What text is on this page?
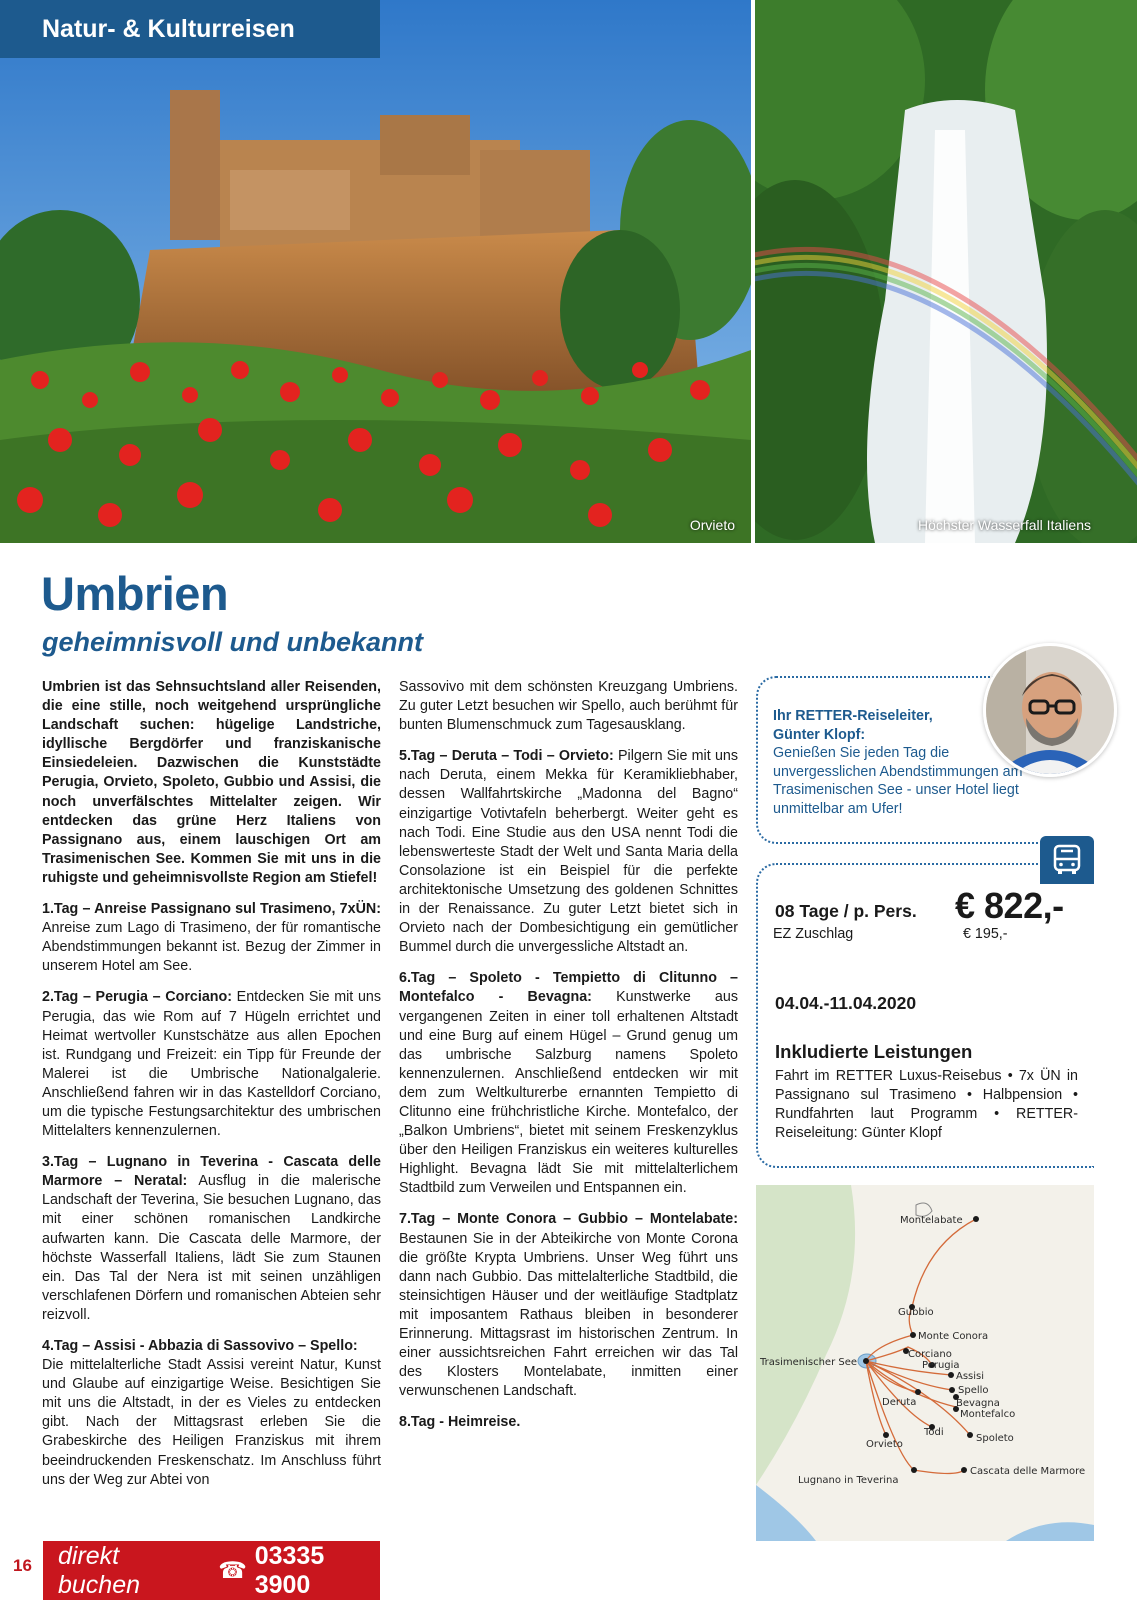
Orvieto	Höchster Wasserfall Italiens
Natur- & Kulturreisen
Umbrien
geheimnisvoll und unbekannt

Umbrien ist das Sehnsuchtsland aller Reisenden, die eine stille, noch weitgehend ursprüngliche Landschaft suchen: hügelige Landstriche, idyllische Bergdörfer und franziskanische Einsiedeleien. Dazwischen die Kunststädte Perugia, Orvieto, Spoleto, Gubbio und Assisi, die noch unverfälschtes Mittelalter zeigen. Wir entdecken das grüne Herz Italiens von Passignano aus, einem lauschigen Ort am Trasimenischen See. Kommen Sie mit uns in die ruhigste und geheimnisvollste Region am Stiefel!

1.Tag – Anreise Passignano sul Trasimeno, 7xÜN: Anreise zum Lago di Trasimeno, der für romantische Abendstimmungen bekannt ist. Bezug der Zimmer in unserem Hotel am See.

2.Tag – Perugia – Corciano: Entdecken Sie mit uns Perugia, das wie Rom auf 7 Hügeln errichtet und Heimat wertvoller Kunstschätze aus allen Epochen ist. Rundgang und Freizeit: ein Tipp für Freunde der Malerei ist die Umbrische Nationalgalerie. Anschließend fahren wir in das Kastelldorf Corciano, um die typische Festungsarchitektur des umbrischen Mittelalters kennenzulernen.

3.Tag – Lugnano in Teverina - Cascata delle Marmore – Neratal: Ausflug in die malerische Landschaft der Teverina, Sie besuchen Lugnano, das mit einer schönen romanischen Landkirche aufwarten kann. Die Cascata delle Marmore, der höchste Wasserfall Italiens, lädt Sie zum Staunen ein. Das Tal der Nera ist mit seinen unzähligen verschlafenen Dörfern und romanischen Abteien sehr reizvoll.

4.Tag – Assisi - Abbazia di Sassovivo – Spello:
Die mittelalterliche Stadt Assisi vereint Natur, Kunst und Glaube auf einzigartige Weise. Besichtigen Sie mit uns die Altstadt, in der es Vieles zu entdecken gibt. Nach der Mittagsrast erleben Sie die Grabeskirche des Heiligen Franziskus mit ihrem beeindruckenden Freskenschatz. Im Anschluss führt uns der Weg zur Abtei von

Sassovivo mit dem schönsten Kreuzgang Umbriens. Zu guter Letzt besuchen wir Spello, auch berühmt für bunten Blumenschmuck zum Tagesausklang.

5.Tag – Deruta – Todi – Orvieto: Pilgern Sie mit uns nach Deruta, einem Mekka für Keramikliebhaber, dessen Wallfahrtskirche „Madonna del Bagno“ einzigartige Votivtafeln beherbergt. Weiter geht es nach Todi. Eine Studie aus den USA nennt Todi die lebenswerteste Stadt der Welt und Santa Maria della Consolazione ist ein Beispiel für die perfekte architektonische Umsetzung des goldenen Schnittes in der Renaissance. Zu guter Letzt bietet sich in Orvieto nach der Dombesichtigung ein gemütlicher Bummel durch die unvergessliche Altstadt an.

6.Tag – Spoleto - Tempietto di Clitunno – Montefalco - Bevagna: Kunstwerke aus vergangenen Zeiten in einer toll erhaltenen Altstadt und eine Burg auf einem Hügel – Grund genug um das umbrische Salzburg namens Spoleto kennenzulernen. Anschließend entdecken wir mit dem zum Weltkulturerbe ernannten Tempietto di Clitunno eine frühchristliche Kirche. Montefalco, der „Balkon Umbriens“, bietet mit seinem Freskenzyklus über den Heiligen Franziskus ein weiteres kulturelles Highlight. Bevagna lädt Sie mit mittelalterlichem Stadtbild zum Verweilen und Entspannen ein.

7.Tag – Monte Conora – Gubbio – Montelabate: Bestaunen Sie in der Abteikirche von Monte Corona die größte Krypta Umbriens. Unser Weg führt uns dann nach Gubbio. Das mittelalterliche Stadtbild, die steinsichtigen Häuser und der weitläufige Stadtplatz mit imposantem Rathaus bleiben in besonderer Erinnerung. Mittagsrast im historischen Zentrum. In einer aussichtsreichen Fahrt erreichen wir das Tal des Klosters Montelabate, inmitten einer verwunschenen Landschaft.

8.Tag - Heimreise.

Ihr RETTER-Reiseleiter,
Günter Klopf:
Genießen Sie jeden Tag die unvergesslichen Abendstimmungen am Trasimenischen See - unser Hotel liegt unmittelbar am Ufer!
08 Tage / p. Pers. € 822,-
EZ Zuschlag	€ 195,-
04.04.-11.04.2020
Inkludierte Leistungen
Fahrt im RETTER Luxus-Reisebus • 7x ÜN in Passignano sul Trasimeno • Halbpension • Rundfahrten laut Programm • RETTER-Reiseleitung: Günter Klopf
Montelabate
Gubbio
Monte Conora
Corciano
Perugia
Trasimenischer See
Assisi
Spello
Deruta	Bevagna
Montefalco
Todi
Spoleto
Orvieto
Lugnano in Teverina
Cascata delle Marmore
16 direkt buchen
☎
03335 3900
